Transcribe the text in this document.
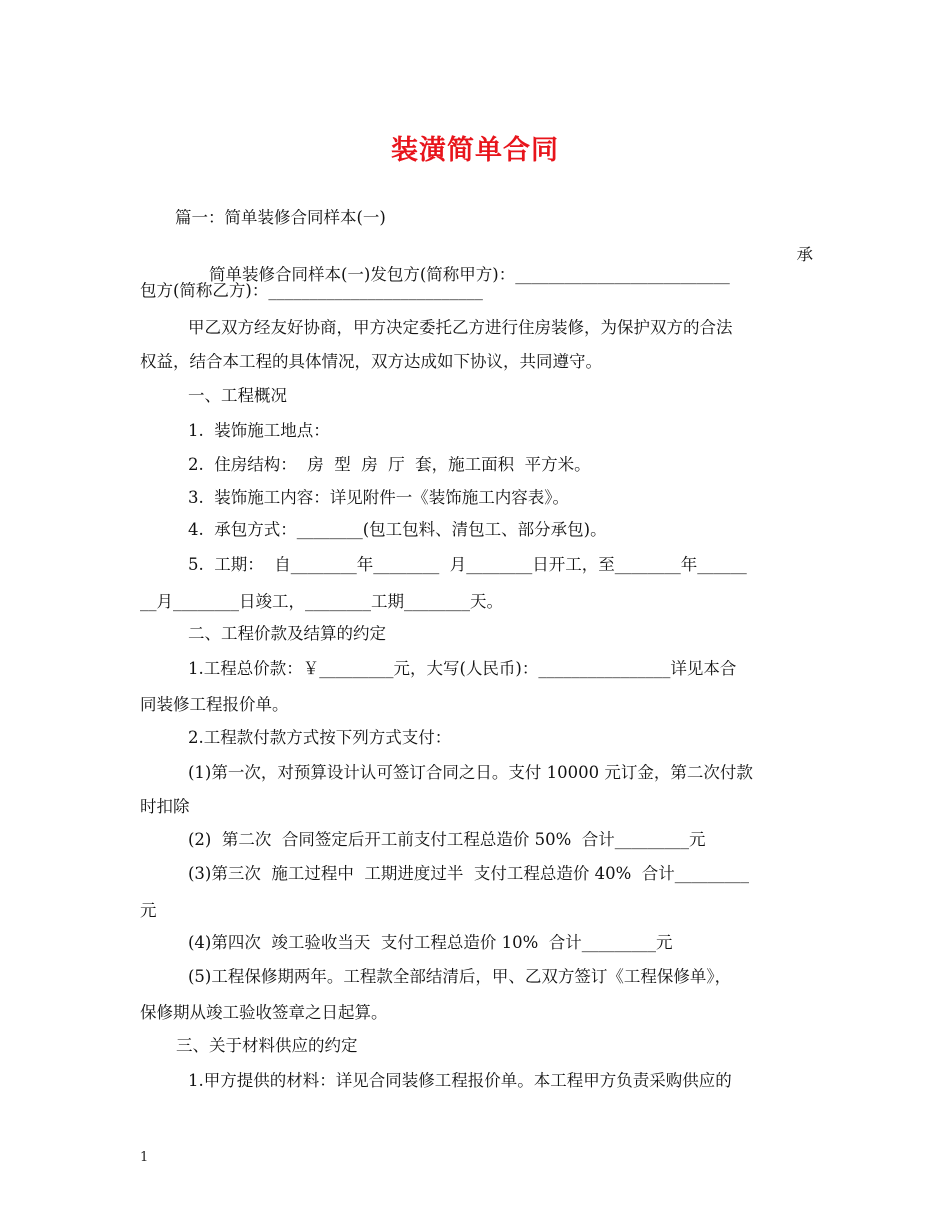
装潢简单合同
篇一：简单装修合同样本(一)

简单装修合同样本(一)发包方(简称甲方)：__________________________

承

包方(简称乙方)：__________________________
甲乙双方经友好协商，甲方决定委托乙方进行住房装修，为保护双方的合法
权益，结合本工程的具体情况，双方达成如下协议，共同遵守。
一、工程概况
1.  装饰施工地点：
2.  住房结构：  房  型  房  厅  套，施工面积  平方米。
3.  装饰施工内容：详见附件一《装饰施工内容表》。
4.  承包方式：________(包工包料、清包工、部分承包)。
5.  工期：  自________年________  月________日开工，至________年______
__月________日竣工，________工期________天。
二、工程价款及结算的约定
1.工程总价款：￥_________元，大写(人民币)：________________详见本合
同装修工程报价单。
2.工程款付款方式按下列方式支付：
(1)第一次，对预算设计认可签订合同之日。支付 10000 元订金，第二次付款
时扣除
(2)  第二次  合同签定后开工前支付工程总造价 50%  合计_________元
(3)第三次  施工过程中  工期进度过半  支付工程总造价 40%  合计_________
元
(4)第四次  竣工验收当天  支付工程总造价 10%  合计_________元
(5)工程保修期两年。工程款全部结清后，甲、乙双方签订《工程保修单》，
保修期从竣工验收签章之日起算。
三、关于材料供应的约定
1.甲方提供的材料：详见合同装修工程报价单。本工程甲方负责采购供应的
1
